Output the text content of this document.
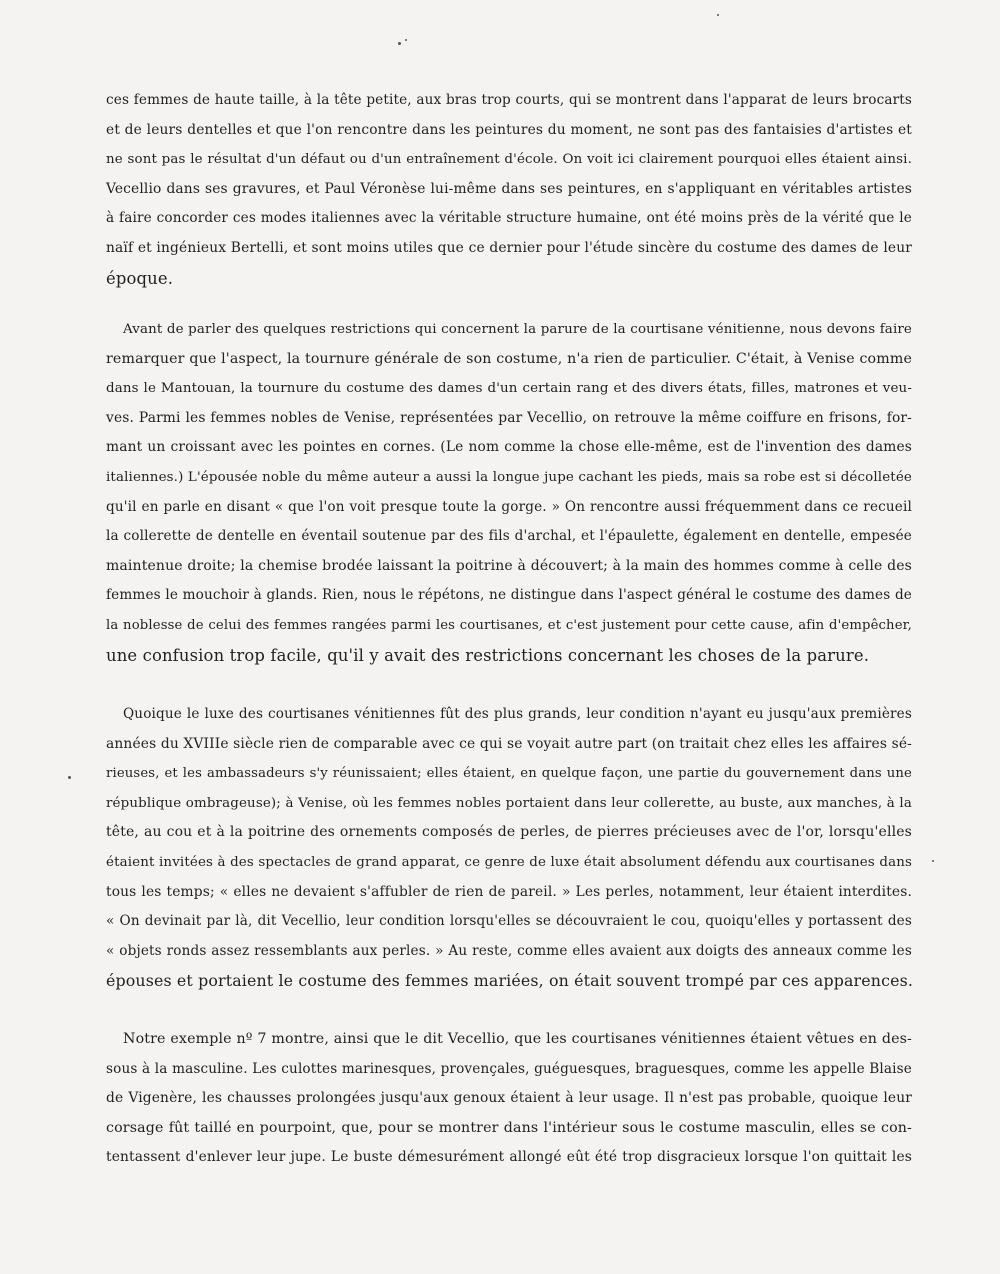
ces femmes de haute taille, à la tête petite, aux bras trop courts, qui se montrent dans l'apparat de leurs brocarts
et de leurs dentelles et que l'on rencontre dans les peintures du moment, ne sont pas des fantaisies d'artistes et
ne sont pas le résultat d'un défaut ou d'un entraînement d'école. On voit ici clairement pourquoi elles étaient ainsi.
Vecellio dans ses gravures, et Paul Véronèse lui-même dans ses peintures, en s'appliquant en véritables artistes
à faire concorder ces modes italiennes avec la véritable structure humaine, ont été moins près de la vérité que le
naïf et ingénieux Bertelli, et sont moins utiles que ce dernier pour l'étude sincère du costume des dames de leur
époque.
Avant de parler des quelques restrictions qui concernent la parure de la courtisane vénitienne, nous devons faire
remarquer que l'aspect, la tournure générale de son costume, n'a rien de particulier. C'était, à Venise comme
dans le Mantouan, la tournure du costume des dames d'un certain rang et des divers états, filles, matrones et veu-
ves. Parmi les femmes nobles de Venise, représentées par Vecellio, on retrouve la même coiffure en frisons, for-
mant un croissant avec les pointes en cornes. (Le nom comme la chose elle-même, est de l'invention des dames
italiennes.) L'épousée noble du même auteur a aussi la longue jupe cachant les pieds, mais sa robe est si décolletée
qu'il en parle en disant « que l'on voit presque toute la gorge. » On rencontre aussi fréquemment dans ce recueil
la collerette de dentelle en éventail soutenue par des fils d'archal, et l'épaulette, également en dentelle, empesée
maintenue droite; la chemise brodée laissant la poitrine à découvert; à la main des hommes comme à celle des
femmes le mouchoir à glands. Rien, nous le répétons, ne distingue dans l'aspect général le costume des dames de
la noblesse de celui des femmes rangées parmi les courtisanes, et c'est justement pour cette cause, afin d'empêcher,
une confusion trop facile, qu'il y avait des restrictions concernant les choses de la parure.
Quoique le luxe des courtisanes vénitiennes fût des plus grands, leur condition n'ayant eu jusqu'aux premières
années du XVIIIe siècle rien de comparable avec ce qui se voyait autre part (on traitait chez elles les affaires sé-
rieuses, et les ambassadeurs s'y réunissaient; elles étaient, en quelque façon, une partie du gouvernement dans une
république ombrageuse); à Venise, où les femmes nobles portaient dans leur collerette, au buste, aux manches, à la
tête, au cou et à la poitrine des ornements composés de perles, de pierres précieuses avec de l'or, lorsqu'elles
étaient invitées à des spectacles de grand apparat, ce genre de luxe était absolument défendu aux courtisanes dans
tous les temps; « elles ne devaient s'affubler de rien de pareil. » Les perles, notamment, leur étaient interdites.
« On devinait par là, dit Vecellio, leur condition lorsqu'elles se découvraient le cou, quoiqu'elles y portassent des
« objets ronds assez ressemblants aux perles. » Au reste, comme elles avaient aux doigts des anneaux comme les
épouses et portaient le costume des femmes mariées, on était souvent trompé par ces apparences.
Notre exemple nº 7 montre, ainsi que le dit Vecellio, que les courtisanes vénitiennes étaient vêtues en des-
sous à la masculine. Les culottes marinesques, provençales, guéguesques, braguesques, comme les appelle Blaise
de Vigenère, les chausses prolongées jusqu'aux genoux étaient à leur usage. Il n'est pas probable, quoique leur
corsage fût taillé en pourpoint, que, pour se montrer dans l'intérieur sous le costume masculin, elles se con-
tentassent d'enlever leur jupe. Le buste démesurément allongé eût été trop disgracieux lorsque l'on quittait les
